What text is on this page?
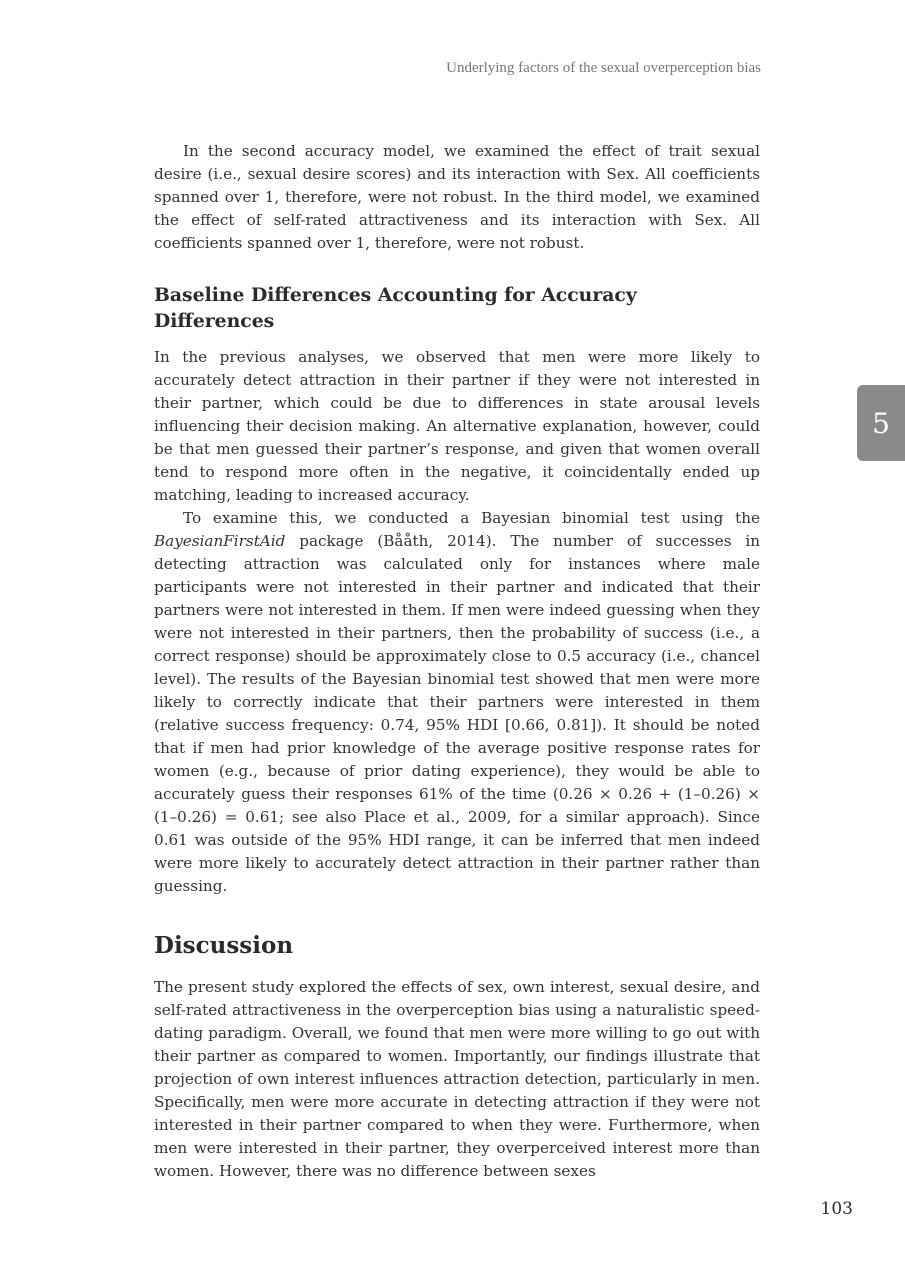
Underlying factors of the sexual overperception bias
5

In the second accuracy model, we examined the effect of trait sexual desire (i.e., sexual desire scores) and its interaction with Sex. All coefficients spanned over 1, therefore, were not robust. In the third model, we examined the effect of self-rated attractiveness and its interaction with Sex. All coefficients spanned over 1, therefore, were not robust.

Baseline Differences Accounting for Accuracy Differences

In the previous analyses, we observed that men were more likely to accurately detect attraction in their partner if they were not interested in their partner, which could be due to differences in state arousal levels influencing their decision making. An alternative explanation, however, could be that men guessed their partner’s response, and given that women overall tend to respond more often in the negative, it coincidentally ended up matching, leading to increased accuracy.

To examine this, we conducted a Bayesian binomial test using the BayesianFirstAid package (Bååth, 2014). The number of successes in detecting attraction was calculated only for instances where male participants were not interested in their partner and indicated that their partners were not interested in them. If men were indeed guessing when they were not interested in their partners, then the probability of success (i.e., a correct response) should be approximately close to 0.5 accuracy (i.e., chancel level). The results of the Bayesian binomial test showed that men were more likely to correctly indicate that their partners were interested in them (relative success frequency: 0.74, 95% HDI [0.66, 0.81]). It should be noted that if men had prior knowledge of the average positive response rates for women (e.g., because of prior dating experience), they would be able to accurately guess their responses 61% of the time (0.26 × 0.26 + (1–0.26) × (1–0.26) = 0.61; see also Place et al., 2009, for a similar approach). Since 0.61 was outside of the 95% HDI range, it can be inferred that men indeed were more likely to accurately detect attraction in their partner rather than guessing.

Discussion

The present study explored the effects of sex, own interest, sexual desire, and self-rated attractiveness in the overperception bias using a naturalistic speed-dating paradigm. Overall, we found that men were more willing to go out with their partner as compared to women. Importantly, our findings illustrate that projection of own interest influences attraction detection, particularly in men. Specifically, men were more accurate in detecting attraction if they were not interested in their partner compared to when they were. Furthermore, when men were interested in their partner, they overperceived interest more than women. However, there was no difference between sexes

103
